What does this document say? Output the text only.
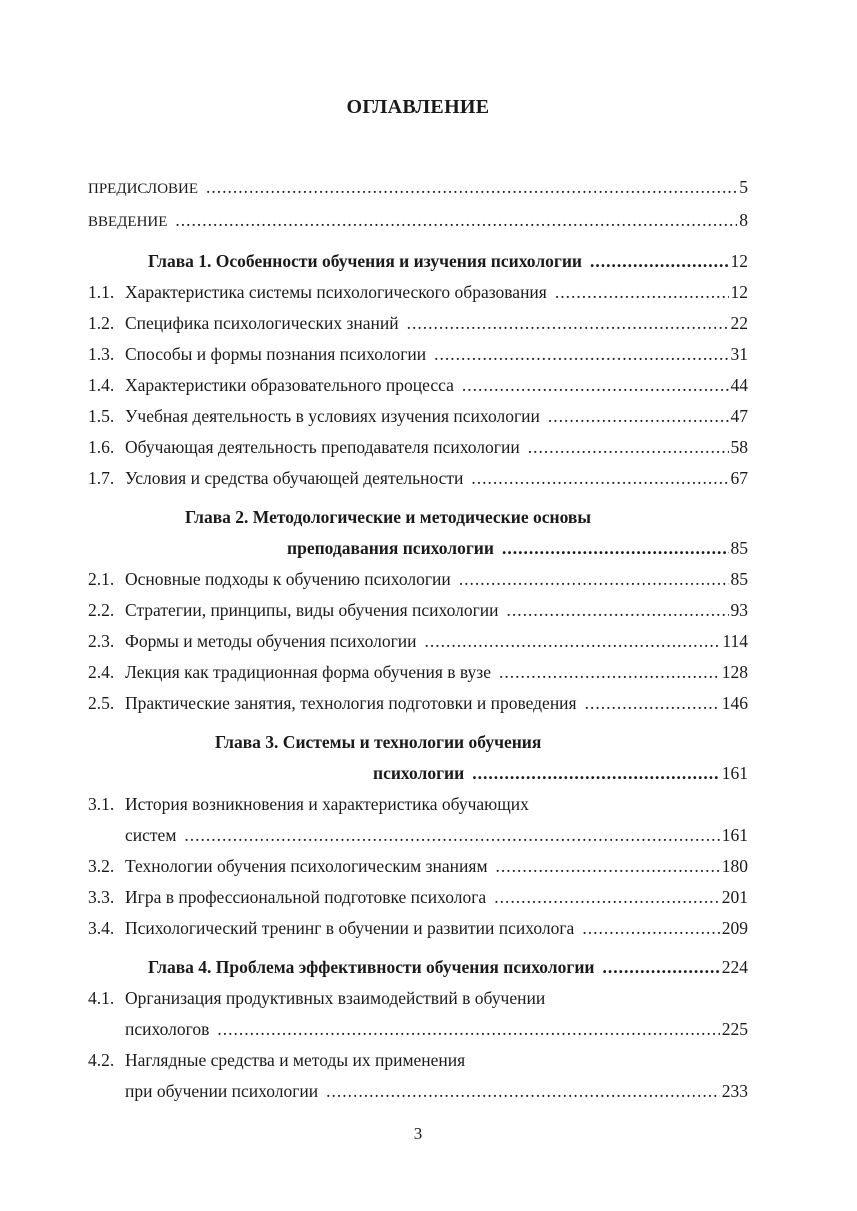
ОГЛАВЛЕНИЕ
ПРЕДИСЛОВИЕ .....	5
ВВЕДЕНИЕ .....	8
Глава 1. Особенности обучения и изучения психологии .....	12
1.1. Характеристика системы психологического образования .....	12
1.2. Специфика психологических знаний .....	22
1.3. Способы и формы познания психологии .....	31
1.4. Характеристики образовательного процесса .....	44
1.5. Учебная деятельность в условиях изучения психологии .....	47
1.6. Обучающая деятельность преподавателя психологии .....	58
1.7. Условия и средства обучающей деятельности .....	67
Глава 2. Методологические и методические основы
преподавания психологии .....	85
2.1. Основные подходы к обучению психологии .....	85
2.2. Стратегии, принципы, виды обучения психологии .....	93
2.3. Формы и методы обучения психологии .....	114
2.4. Лекция как традиционная форма обучения в вузе .....	128
2.5. Практические занятия, технология подготовки и проведения .....	146
Глава 3. Системы и технологии обучения
психологии .....	161
3.1. История возникновения и характеристика обучающих
систем .....	161
3.2. Технологии обучения психологическим знаниям .....	180
3.3. Игра в профессиональной подготовке психолога .....	201
3.4. Психологический тренинг в обучении и развитии психолога .....	209
Глава 4. Проблема эффективности обучения психологии .....	224
4.1. Организация продуктивных взаимодействий в обучении
психологов .....	225
4.2. Наглядные средства и методы их применения
при обучении психологии .....	233
3
